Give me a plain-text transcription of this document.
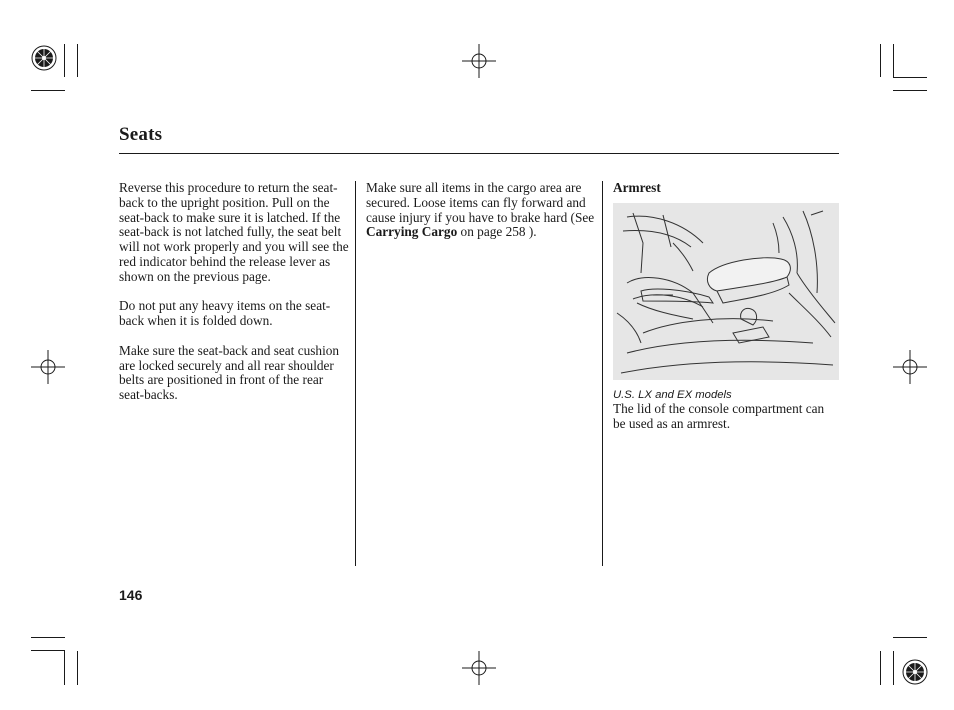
Seats

Reverse this procedure to return the seat-back to the upright position. Pull on the seat-back to make sure it is latched. If the seat-back is not latched fully, the seat belt will not work properly and you will see the red indicator behind the release lever as shown on the previous page.

Do not put any heavy items on the seat-back when it is folded down.

Make sure the seat-back and seat cushion are locked securely and all rear shoulder belts are positioned in front of the rear seat-backs.

Make sure all items in the cargo area are secured. Loose items can fly forward and cause injury if you have to brake hard (See Carrying Cargo on page 258 ).

Armrest
U.S. LX and EX models
The lid of the console compartment can be used as an armrest.
146
